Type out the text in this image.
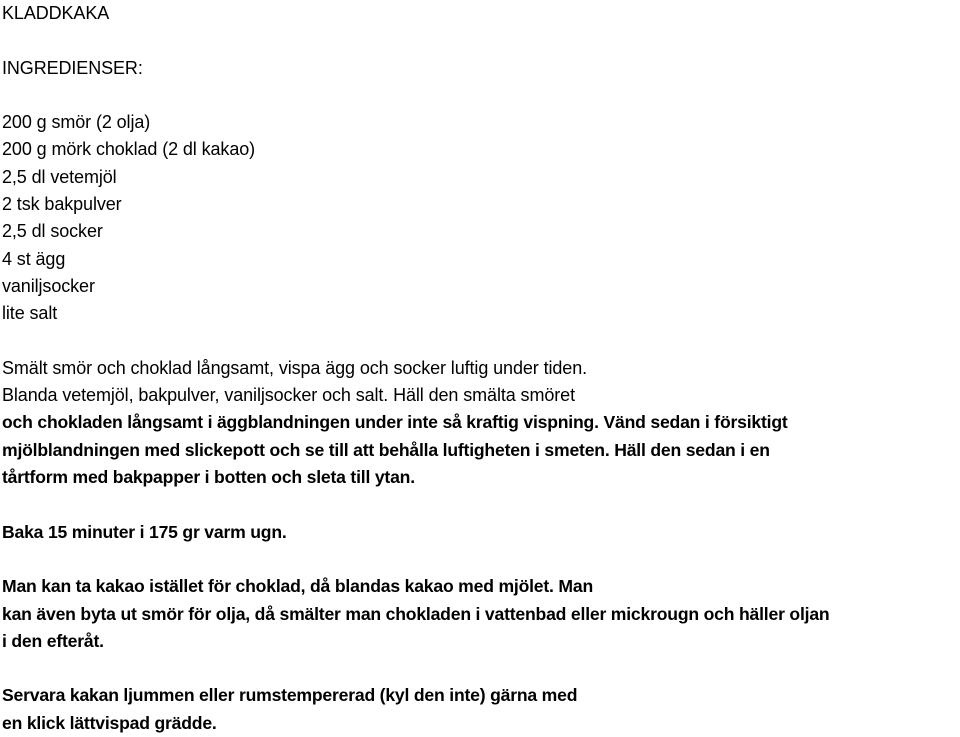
KLADDKAKA
INGREDIENSER:
200 g smör (2 olja)
200 g mörk choklad (2 dl kakao)
2,5 dl vetemjöl
2 tsk bakpulver
2,5 dl socker
4 st ägg
vaniljsocker
lite salt
Smält smör och choklad långsamt, vispa ägg och socker luftig under tiden.
Blanda vetemjöl, bakpulver, vaniljsocker och salt. Häll den smälta smöret
och chokladen långsamt i äggblandningen under inte så kraftig vispning. Vänd sedan i försiktigt
mjölblandningen med slickepott och se till att behålla luftigheten i smeten. Häll den sedan i en
tårtform med bakpapper i botten och sleta till ytan.
Baka 15 minuter i 175 gr varm ugn.
Man kan ta kakao istället för choklad, då blandas kakao med mjölet. Man
kan även byta ut smör för olja, då smälter man chokladen i vattenbad eller mickrougn och häller oljan
i den efteråt.
Servara kakan ljummen eller rumstempererad (kyl den inte) gärna med
en klick lättvispad grädde.
